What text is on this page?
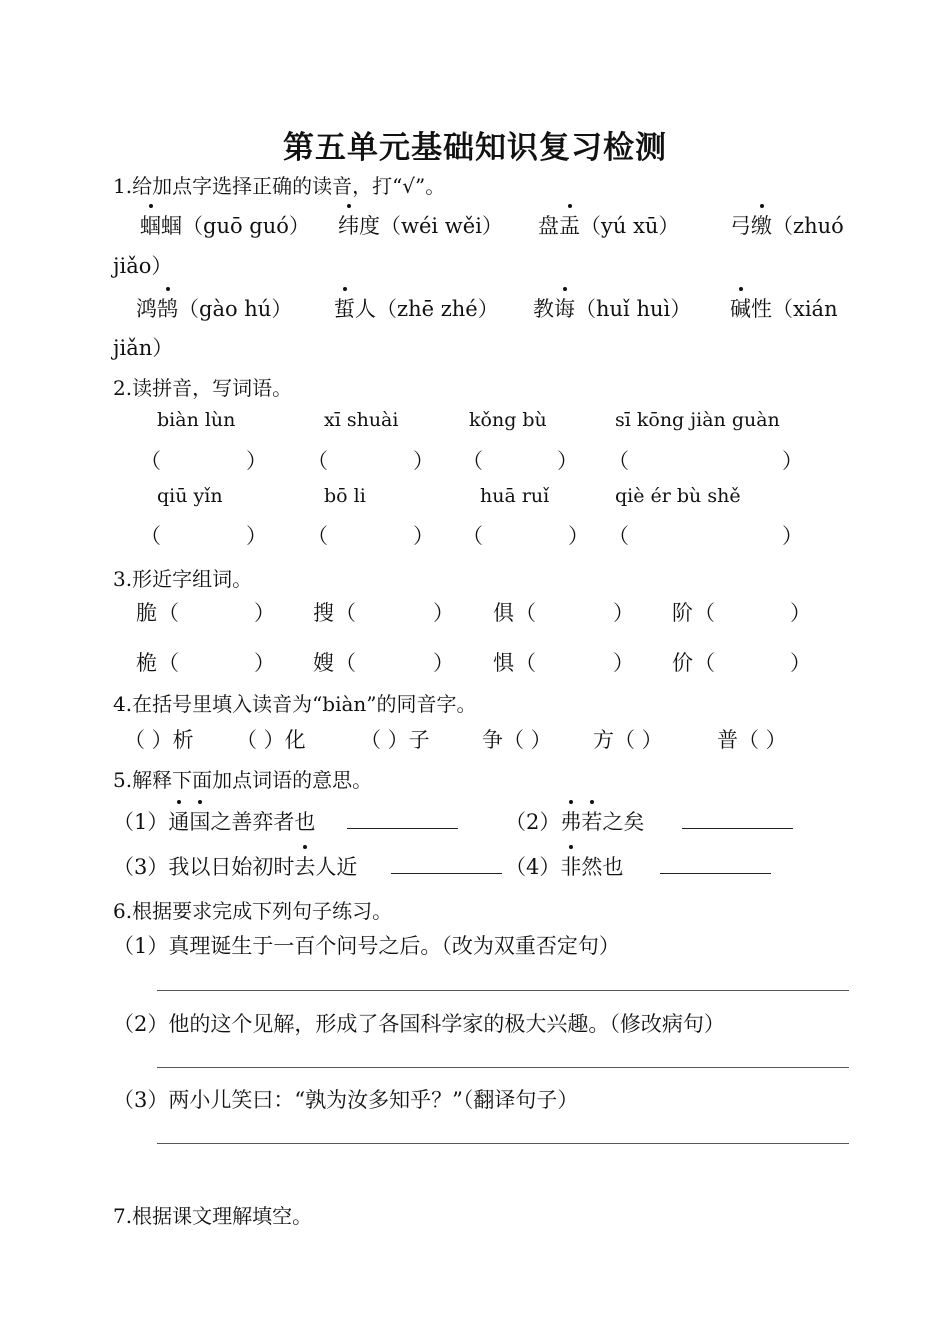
第五单元基础知识复习检测
1.给加点字选择正确的读音，打“√”。
蝈蝈（guō guó） 纬度（wéi wěi） 盘盂（yú xū） 弓缴（zhuó
jiǎo）
鸿鹄（gào hú） 蜇人（zhē zhé） 教诲（huǐ huì） 碱性（xián
jiǎn）
2.读拼音，写词语。
biàn lùn	xī shuài	kǒng bù	sī kōng jiàn guàn
（	） （	） （	） （	）
qiū yǐn	bō li	huā ruǐ	qiè ér bù shě
（	） （	） （	） （	）
3.形近字组词。
脆 （	） 搜 （	） 俱 （	） 阶 （	）
桅 （	） 嫂 （	） 惧 （	） 价 （	）
4.在括号里填入读音为“biàn”的同音字。
（ ）析 （ ）化	（ ）子 争（ ） 方（ ）	普（ ）
5.解释下面加点词语的意思。
（1）通国之善弈者也	（2）弗若之矣
（3）我以日始初时去人近	（4）非然也
6.根据要求完成下列句子练习。
（1）真理诞生于一百个问号之后。（改为双重否定句）
（2）他的这个见解，形成了各国科学家的极大兴趣。（修改病句）
（3）两小儿笑曰：“孰为汝多知乎？”（翻译句子）
7.根据课文理解填空。
